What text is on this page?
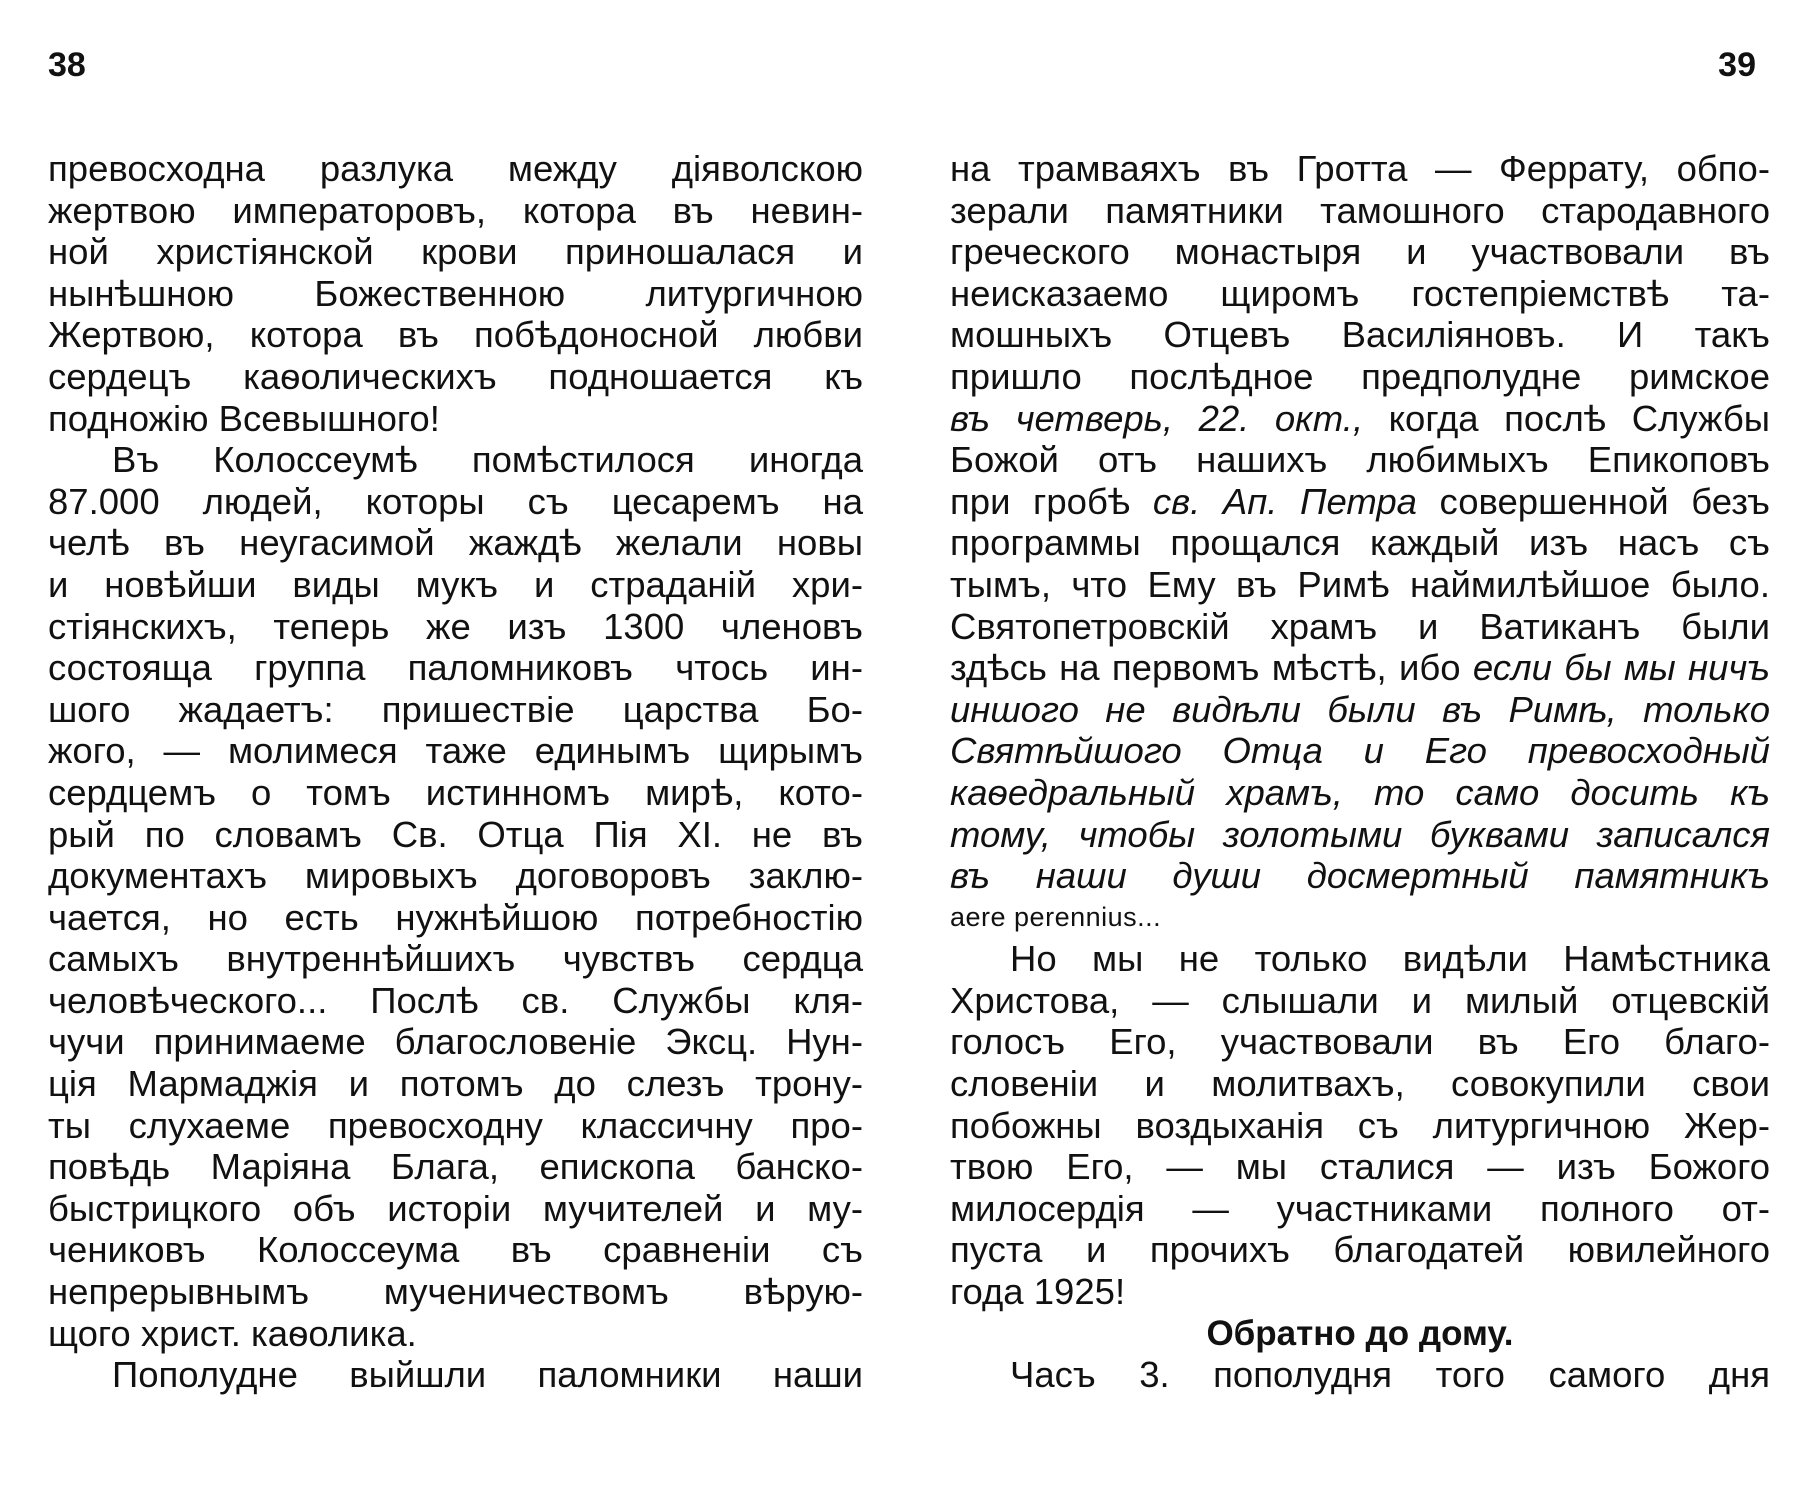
38	39
превосходна разлука между діяволскою
жертвою императоровъ, котора въ невин-
ной христіянской крови приношалася и
нынѣшною Божественною литургичною
Жертвою, котора въ побѣдоносной любви
сердецъ каѳолическихъ подношается къ
подножію Всевышного!
Въ Колоссеумѣ помѣстилося иногда
87.000 людей, которы съ цесаремъ на
челѣ въ неугасимой жаждѣ желали новы
и новѣйши виды мукъ и страданій хри-
стіянскихъ, теперь же изъ 1300 членовъ
состояща группа паломниковъ чтось ин-
шого жадаетъ: пришествіе царства Бо-
жого, — молимеся таже единымъ щирымъ
сердцемъ о томъ истинномъ мирѣ, кото-
рый по словамъ Св. Отца Пія XI. не въ
документахъ мировыхъ договоровъ заклю-
чается, но есть нужнѣйшою потребностію
самыхъ внутреннѣйшихъ чувствъ сердца
человѣческого... Послѣ св. Службы кля-
чучи принимаеме благословеніе Эксц. Нун-
ція Мармаджія и потомъ до слезъ трону-
ты слухаеме превосходну классичну про-
повѣдь Маріяна Блага, епископа банско-
быстрицкого объ исторіи мучителей и му-
чениковъ Колоссеума въ сравненіи съ
непрерывнымъ мученичествомъ вѣрую-
щого христ. каѳолика.
Пополудне выйшли паломники наши
на трамваяхъ въ Гротта — Феррату, обпо-
зерали памятники тамошного стародавного
греческого монастыря и участвовали въ
неисказаемо щиромъ гостепріемствѣ та-
мошныхъ Отцевъ Василіяновъ. И такъ
пришло послѣдное предполудне римское
въ четверь, 22. окт., когда послѣ Службы
Божой отъ нашихъ любимыхъ Епикоповъ
при гробѣ св. Ап. Петра совершенной безъ
программы прощался каждый изъ насъ съ
тымъ, что Ему въ Римѣ наймилѣйшое было.
Святопетровскій храмъ и Ватиканъ были
здѣсь на первомъ мѣстѣ, ибо если бы мы ничъ
иншого не видѣли были въ Римѣ, только
Святѣйшого Отца и Его превосходный
каѳедральный храмъ, то само досить къ
тому, чтобы золотыми буквами записался
въ наши души досмертный памятникъ
aere perennius...
Но мы не только видѣли Намѣстника
Христова, — слышали и милый отцевскій
голосъ Его, участвовали въ Его благо-
словеніи и молитвахъ, совокупили свои
побожны воздыханія съ литургичною Жер-
твою Его, — мы сталися — изъ Божого
милосердія — участниками полного от-
пуста и прочихъ благодатей ювилейного
года 1925!
Обратно до дому.
Часъ 3. пополудня того самого дня
